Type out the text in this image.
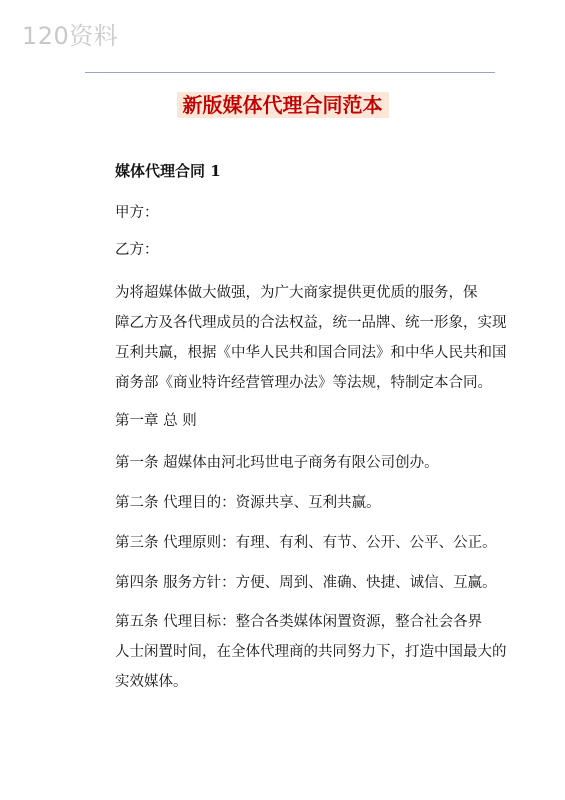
120资料
新版媒体代理合同范本
媒体代理合同 1
甲方：
乙方：
为将超媒体做大做强，为广大商家提供更优质的服务，保
障乙方及各代理成员的合法权益，统一品牌、统一形象，实现
互利共赢，根据《中华人民共和国合同法》和中华人民共和国
商务部《商业特许经营管理办法》等法规，特制定本合同。
第一章 总 则
第一条 超媒体由河北玛世电子商务有限公司创办。
第二条 代理目的：资源共享、互利共赢。
第三条 代理原则：有理、有利、有节、公开、公平、公正。
第四条 服务方针：方便、周到、准确、快捷、诚信、互赢。
第五条 代理目标：整合各类媒体闲置资源，整合社会各界
人士闲置时间，在全体代理商的共同努力下，打造中国最大的
实效媒体。
